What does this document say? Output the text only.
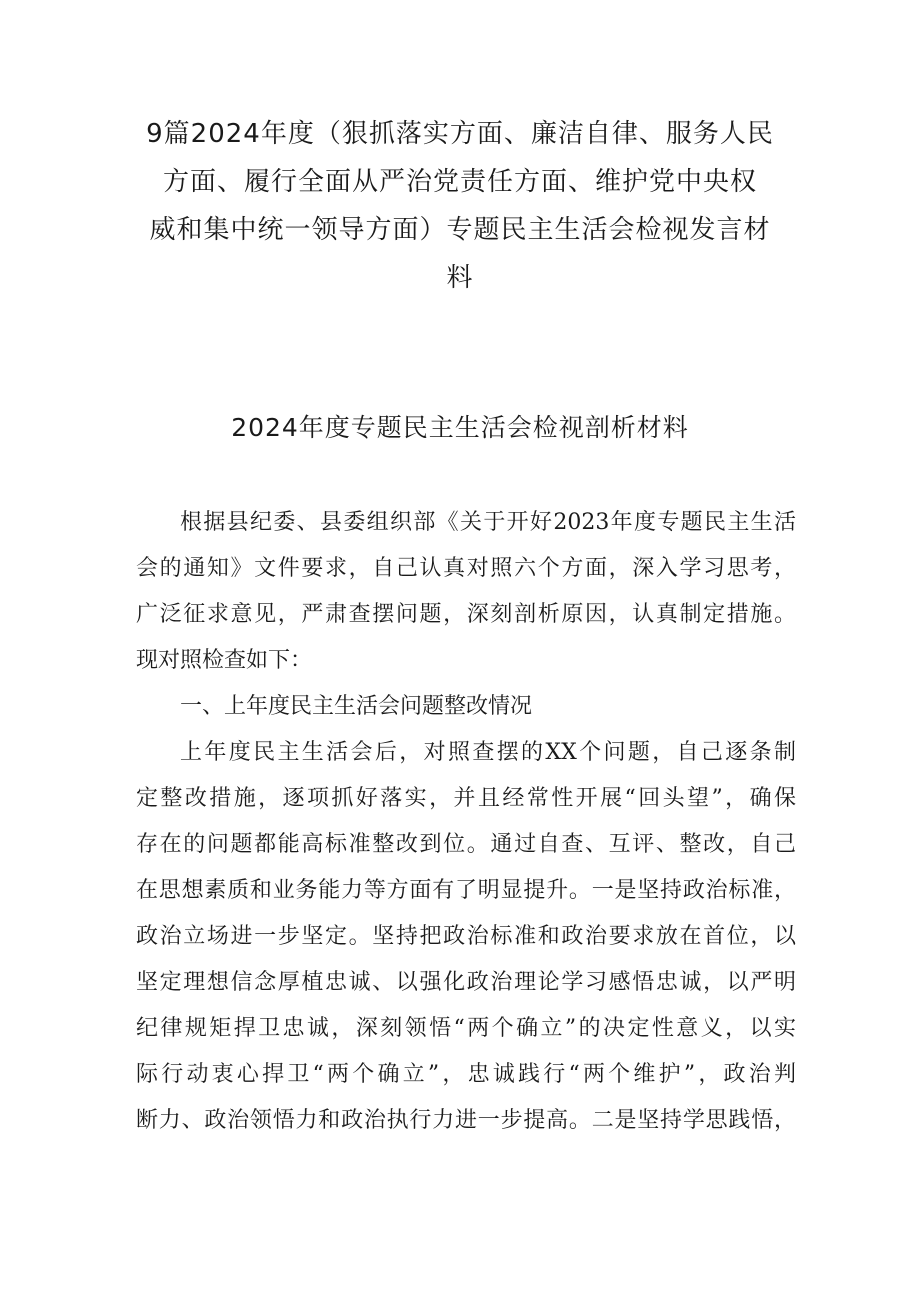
9篇2024年度（狠抓落实方面、廉洁自律、服务人民
方面、履行全面从严治党责任方面、维护党中央权
威和集中统一领导方面）专题民主生活会检视发言材
料
2024年度专题民主生活会检视剖析材料
根据县纪委、县委组织部《关于开好2023年度专题民主生活
会的通知》文件要求，自己认真对照六个方面，深入学习思考，
广泛征求意见，严肃查摆问题，深刻剖析原因，认真制定措施。
现对照检查如下：
一、上年度民主生活会问题整改情况
上年度民主生活会后，对照查摆的XX个问题，自己逐条制
定整改措施，逐项抓好落实，并且经常性开展“回头望”，确保
存在的问题都能高标准整改到位。通过自查、互评、整改，自己
在思想素质和业务能力等方面有了明显提升。一是坚持政治标准，
政治立场进一步坚定。坚持把政治标准和政治要求放在首位，以
坚定理想信念厚植忠诚、以强化政治理论学习感悟忠诚，以严明
纪律规矩捍卫忠诚，深刻领悟“两个确立”的决定性意义，以实
际行动衷心捍卫“两个确立”，忠诚践行“两个维护”，政治判
断力、政治领悟力和政治执行力进一步提高。二是坚持学思践悟，
